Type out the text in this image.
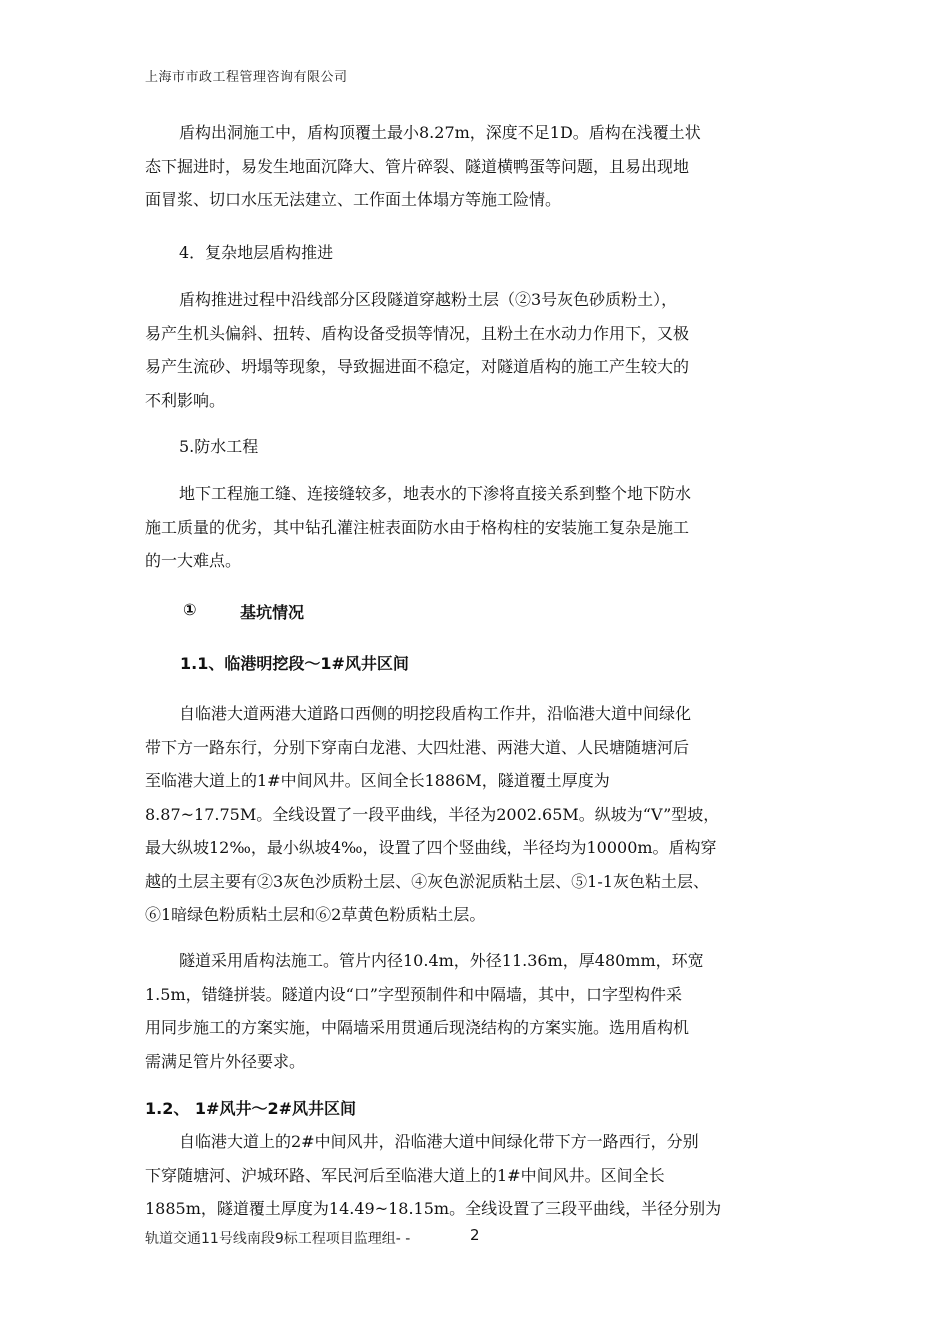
上海市市政工程管理咨询有限公司
盾构出洞施工中，盾构顶覆土最小8.27m，深度不足1D。盾构在浅覆土状
态下掘进时，易发生地面沉降大、管片碎裂、隧道横鸭蛋等问题，且易出现地
面冒浆、切口水压无法建立、工作面土体塌方等施工险情。
4．复杂地层盾构推进
盾构推进过程中沿线部分区段隧道穿越粉土层（②3号灰色砂质粉土），
易产生机头偏斜、扭转、盾构设备受损等情况，且粉土在水动力作用下，又极
易产生流砂、坍塌等现象，导致掘进面不稳定，对隧道盾构的施工产生较大的
不利影响。
5.防水工程
地下工程施工缝、连接缝较多，地表水的下渗将直接关系到整个地下防水
施工质量的优劣，其中钻孔灌注桩表面防水由于格构柱的安装施工复杂是施工
的一大难点。
①	基坑情况
1.1、临港明挖段～1#风井区间
自临港大道两港大道路口西侧的明挖段盾构工作井，沿临港大道中间绿化
带下方一路东行，分别下穿南白龙港、大四灶港、两港大道、人民塘随塘河后
至临港大道上的1#中间风井。区间全长1886M，隧道覆土厚度为
8.87~17.75M。全线设置了一段平曲线，半径为2002.65M。纵坡为“V”型坡，
最大纵坡12‰，最小纵坡4‰，设置了四个竖曲线，半径均为10000m。盾构穿
越的土层主要有②3灰色沙质粉土层、④灰色淤泥质粘土层、⑤1-1灰色粘土层、
⑥1暗绿色粉质粘土层和⑥2草黄色粉质粘土层。
隧道采用盾构法施工。管片内径10.4m，外径11.36m，厚480mm，环宽
1.5m，错缝拼装。隧道内设“口”字型预制件和中隔墙，其中，口字型构件采
用同步施工的方案实施，中隔墙采用贯通后现浇结构的方案实施。选用盾构机
需满足管片外径要求。
1.2、 1#风井～2#风井区间
自临港大道上的2#中间风井，沿临港大道中间绿化带下方一路西行，分别
下穿随塘河、沪城环路、军民河后至临港大道上的1#中间风井。区间全长
1885m，隧道覆土厚度为14.49~18.15m。全线设置了三段平曲线，半径分别为
轨道交通11号线南段9标工程项目监理组- -	2
